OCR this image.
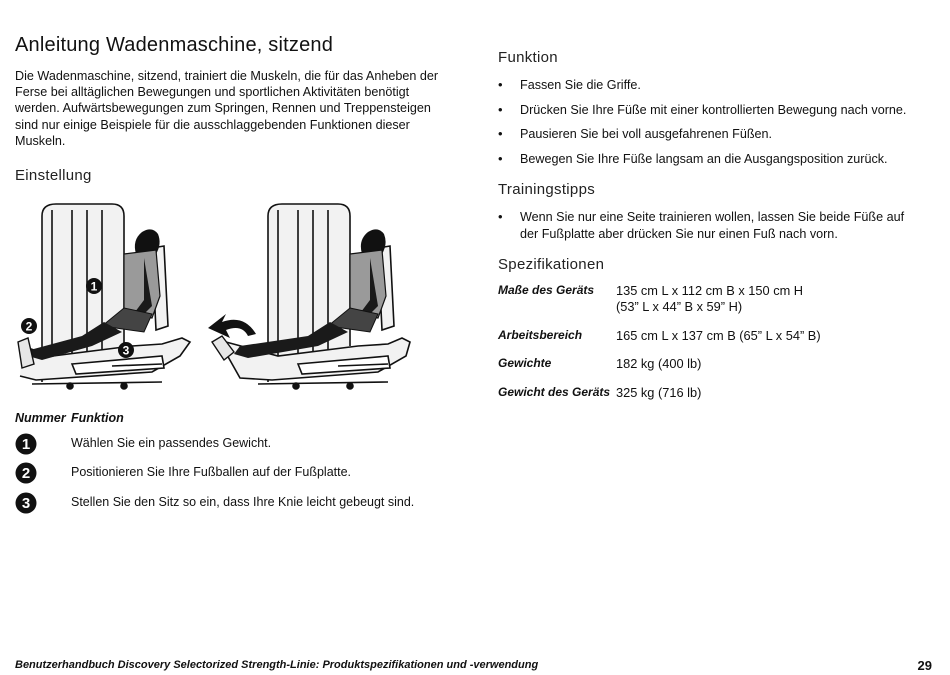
Anleitung Wadenmaschine, sitzend
Die Wadenmaschine, sitzend, trainiert die Muskeln, die für das Anheben der Ferse bei alltäglichen Bewegungen und sportlichen Aktivitäten benötigt werden. Aufwärtsbewegungen zum Springen, Rennen und Treppensteigen sind nur einige Beispiele für die ausschlaggebenden Funktionen dieser Muskeln.
Einstellung
1
2
3
Nummer Funktion
1	Wählen Sie ein passendes Gewicht.
2	Positionieren Sie Ihre Fußballen auf der Fußplatte.
3	Stellen Sie den Sitz so ein, dass Ihre Knie leicht gebeugt sind.
Funktion
• Fassen Sie die Griffe.
• Drücken Sie Ihre Füße mit einer kontrollierten Bewegung nach vorne.
• Pausieren Sie bei voll ausgefahrenen Füßen.
• Bewegen Sie Ihre Füße langsam an die Ausgangsposition zurück.
Trainingstipps
• Wenn Sie nur eine Seite trainieren wollen, lassen Sie beide Füße auf der Fußplatte aber drücken Sie nur einen Fuß nach vorn.
Spezifikationen
Maße des Geräts 135 cm L x 112 cm B x 150 cm H
(53” L x 44” B x 59” H)
Arbeitsbereich	165 cm L x 137 cm B (65” L x 54” B)
Gewichte	182 kg (400 lb)
Gewicht des Geräts 325 kg (716 lb)
Benutzerhandbuch Discovery Selectorized Strength-Linie: Produktspezifikationen und -verwendung	29
